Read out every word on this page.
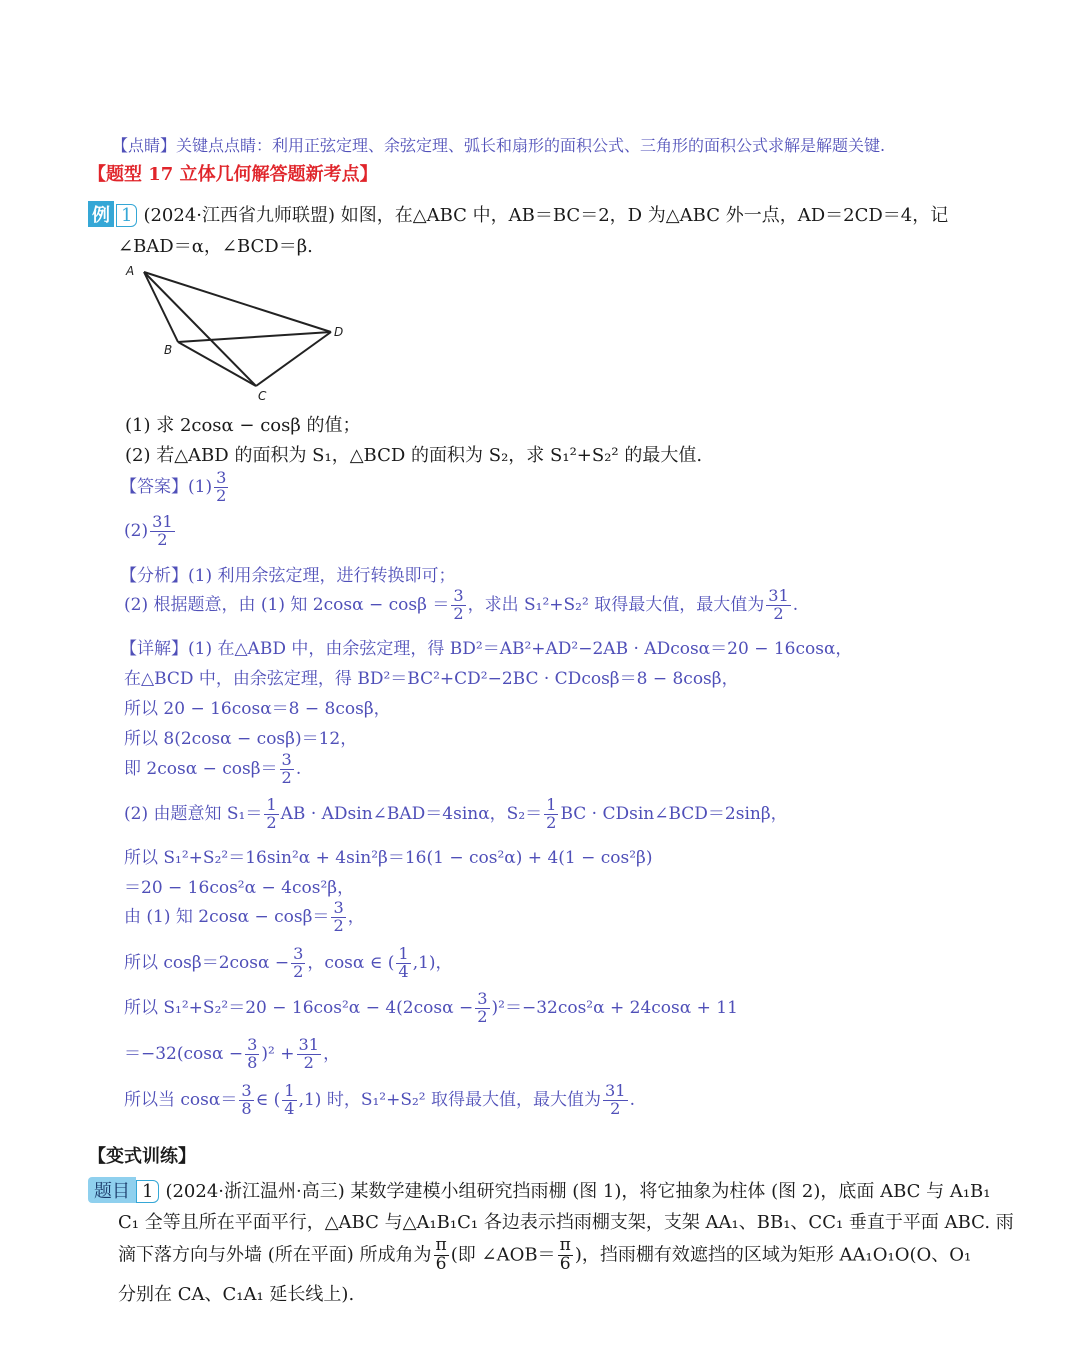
【点睛】关键点点睛：利用正弦定理、余弦定理、弧长和扇形的面积公式、三角形的面积公式求解是解题关键.
【题型 17 立体几何解答题新考点】
例 1 (2024·江西省九师联盟) 如图，在△ABC 中，AB＝BC＝2，D 为△ABC 外一点，AD＝2CD＝4，记
∠BAD＝α，∠BCD＝β.
A
B
C
D
(1) 求 2cosα − cosβ 的值；
(2) 若△ABD 的面积为 S₁，△BCD 的面积为 S₂，求 S₁²+S₂² 的最大值.
【答案】$(1) \frac{3}{2}$
$(2) \frac{31}{2}$
【分析】(1) 利用余弦定理，进行转换即可；
(2) 根据题意，由 (1) 知 $2\cos\alpha - \cos\beta = \frac{3}{2}$ ，求出 S₁²+S₂² 取得最大值，最大值为 $\frac{31}{2}$ .
【详解】(1) 在△ABD 中，由余弦定理，得 BD²＝AB²+AD²−2AB · ADcosα＝20 − 16cosα，
在△BCD 中，由余弦定理，得 BD²＝BC²+CD²−2BC · CDcosβ＝8 − 8cosβ，
所以 20 − 16cosα＝8 − 8cosβ，
所以 8(2cosα − cosβ)＝12，
即 $2\cos\alpha - \cos\beta= \frac{3}{2}$ .
(2) 由题意知 $S_1= \frac{1}{2}$ AB · ADsin∠BAD＝4sinα，$S_2= \frac{1}{2}$ BC · CDsin∠BCD＝2sinβ，
所以 S₁²+S₂²＝16sin²α + 4sin²β＝16(1 − cos²α) + 4(1 − cos²β)
＝20 − 16cos²α − 4cos²β，
由 (1) 知 $2\cos\alpha - \cos\beta= \frac{3}{2}$ ，
所以 $\cos\beta=2\cos\alpha - \frac{3}{2}$ ，cosα ∈ ( $\frac{1}{4} ,1$)，
所以 $S_1^2+S_2^2=20 - 16\cos^2\alpha - 4(2\cos\alpha - \frac{3}{2} )^2=-32\cos^2\alpha + 24\cos\alpha + 11$
$=-32(\cos\alpha - \frac{3}{8} )^2 + \frac{31}{2}$ ，
所以当 $\cos\alpha= \frac{3}{8}$ ∈ ( $\frac{1}{4} ,1$) 时，S₁²+S₂² 取得最大值，最大值为 $\frac{31}{2}$ .
【变式训练】
题目 1 (2024·浙江温州·高三) 某数学建模小组研究挡雨棚 (图 1)，将它抽象为柱体 (图 2)，底面 ABC 与 A₁B₁
C₁ 全等且所在平面平行，△ABC 与△A₁B₁C₁ 各边表示挡雨棚支架，支架 AA₁、BB₁、CC₁ 垂直于平面 ABC. 雨
滴下落方向与外墙 (所在平面) 所成角为 $\frac{\pi}{6}$ (即 ∠AOB＝ $\frac{\pi}{6}$ )，挡雨棚有效遮挡的区域为矩形 AA₁O₁O(O、O₁
分别在 CA、C₁A₁ 延长线上).
